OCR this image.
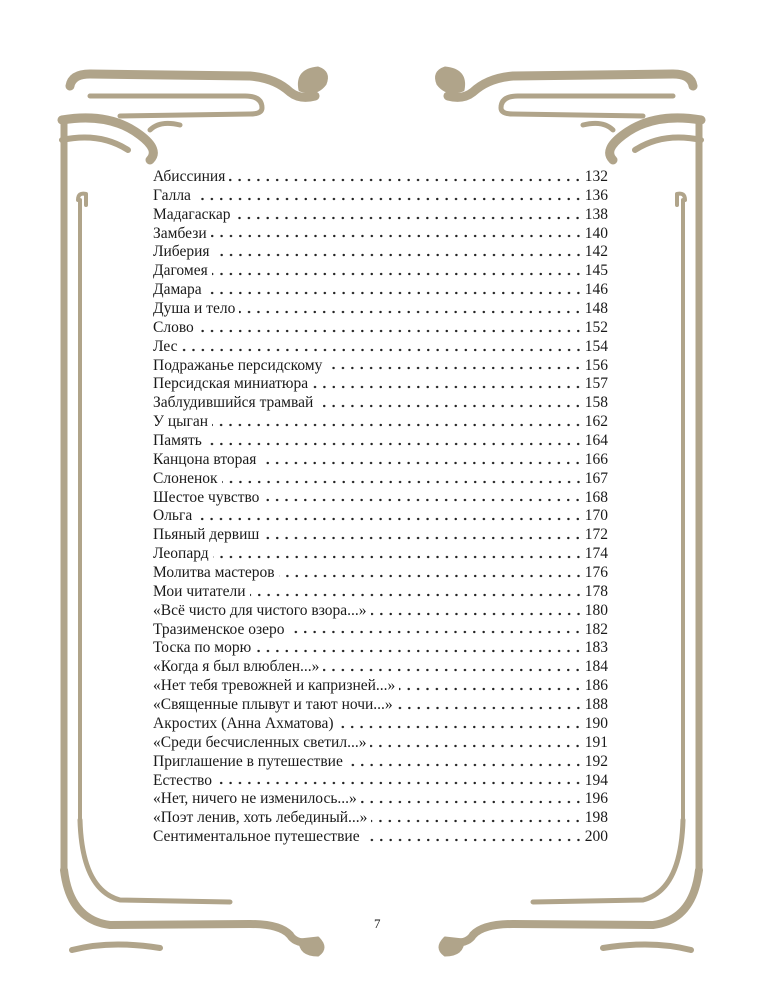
Абиссиния	132
Галла	136
Мадагаскар	138
Замбези	140
Либерия	142
Дагомея	145
Дамара	146
Душа и тело	148
Слово	152
Лес	154
Подражанье персидскому	156
Персидская миниатюра	157
Заблудившийся трамвай	158
У цыган	162
Память	164
Канцона вторая	166
Слоненок	167
Шестое чувство	168
Ольга	170
Пьяный дервиш	172
Леопард	174
Молитва мастеров	176
Мои читатели	178
«Всё чисто для чистого взора...»	180
Тразименское озеро	182
Тоска по морю	183
«Когда я был влюблен...»	184
«Нет тебя тревожней и капризней...»	186
«Священные плывут и тают ночи...»	188
Акростих (Анна Ахматова)	190
«Среди бесчисленных светил...»	191
Приглашение в путешествие	192
Естество	194
«Нет, ничего не изменилось...»	196
«Поэт ленив, хоть лебединый...»	198
Сентиментальное путешествие	200
7
